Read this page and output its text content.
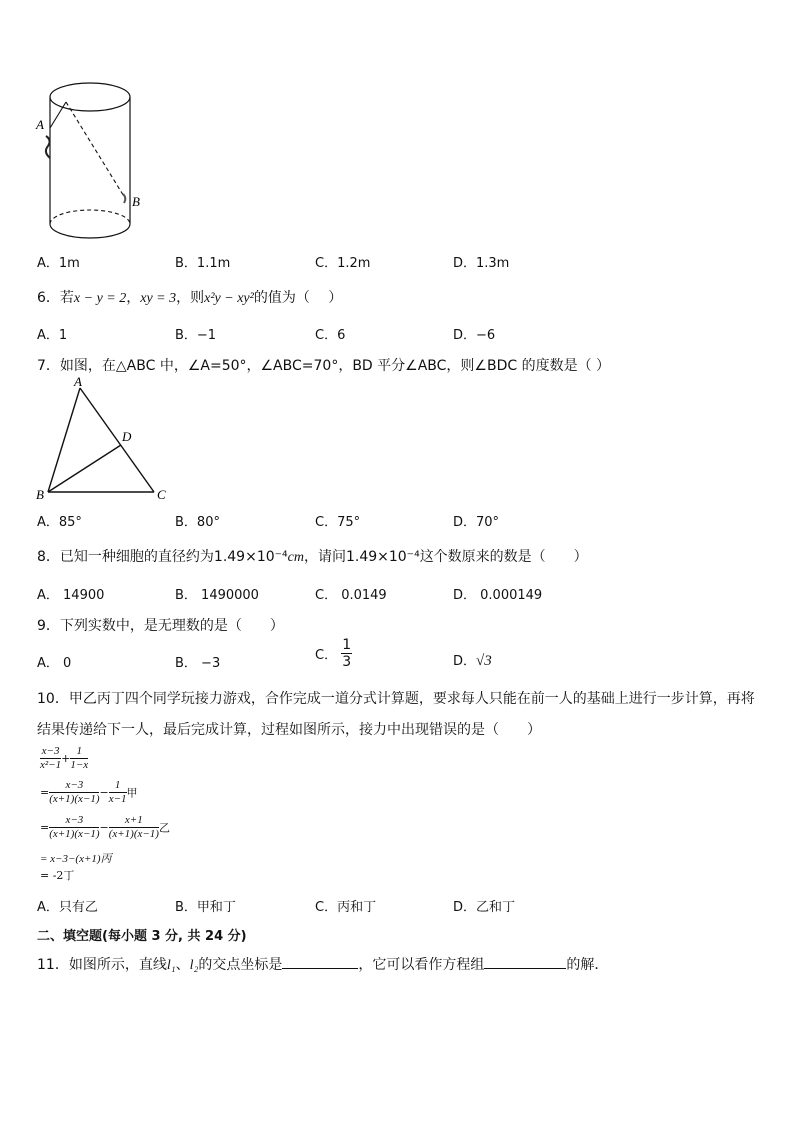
A
B
A．1m	B．1.1m	C．1.2m	D．1.3m
6．若x − y = 2，xy = 3，则x²y − xy²的值为（　 ）
A．1	B．−1	C．6	D．−6
7．如图，在△ABC 中，∠A=50°，∠ABC=70°，BD 平分∠ABC，则∠BDC 的度数是（ ）
A
B	C
D
A．85°	B．80°	C．75°	D．70°
8．已知一种细胞的直径约为1.49×10⁻⁴cm，请问1.49×10⁻⁴这个数原来的数是（　　）
A． 14900	B． 1490000	C． 0.0149	D． 0.000149
9．下列实数中，是无理数的是（　　）
A． 0	B． −3
C． $\frac{1}{3}$	D．√3
10．甲乙丙丁四个同学玩接力游戏，合作完成一道分式计算题，要求每人只能在前一人的基础上进行一步计算，再将
结果传递给下一人，最后完成计算，过程如图所示，接力中出现错误的是（　　）
$\frac{x-3}{\text{x²−1}} + \frac{1}{1-x}$
= $\frac{x-3}{(x+1)(x-1)} - \frac{1}{x-1}$ 甲
= $\frac{x-3}{(x+1)(x-1)} - \frac{x+1}{(x+1)(x-1)}$ 乙
= x−3−(x+1)丙
= -2丁
A．只有乙	B．甲和丁	C．丙和丁	D．乙和丁
二、填空题(每小题 3 分, 共 24 分)
11．如图所示，直线l₁、l₂的交点坐标是	，它可以看作方程组	的解．
